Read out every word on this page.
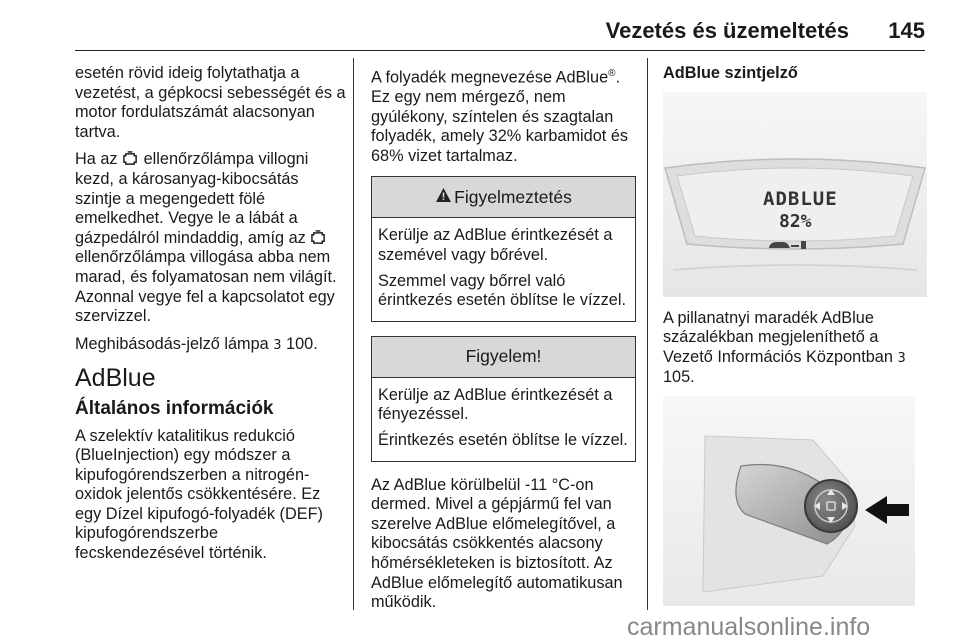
Vezetés és üzemeltetés 145

esetén rövid ideig folytathatja a vezetést, a gépkocsi sebességét és a motor fordulatszámát alacsonyan tartva.

Ha az ellenőrzőlámpa villogni kezd, a károsanyag-kibocsátás szintje a megengedett fölé emelkedhet. Vegye le a lábát a gázpedálról mindaddig, amíg az  ellenőrzőlámpa villogása abba nem marad, és folyamatosan nem világít. Azonnal vegye fel a kapcsolatot egy szervizzel.

Meghibásodás-jelző lámpa 3 100.

AdBlue
Általános információk

A szelektív katalitikus redukció (BlueInjection) egy módszer a kipufogórendszerben a nitrogén-oxidok jelentős csökkentésére. Ez egy Dízel kipufogó-folyadék (DEF) kipufogórendszerbe fecskendezésével történik.

A folyadék megnevezése AdBlue®. Ez egy nem mérgező, nem gyúlékony, színtelen és szagtalan folyadék, amely 32% karbamidot és 68% vizet tartalmaz.

Figyelmeztetés

Kerülje az AdBlue érintkezését a szemével vagy bőrével.

Szemmel vagy bőrrel való érintkezés esetén öblítse le vízzel.

Figyelem!

Kerülje az AdBlue érintkezését a fényezéssel.

Érintkezés esetén öblítse le vízzel.

Az AdBlue körülbelül -11 °C-on dermed. Mivel a gépjármű fel van szerelve AdBlue előmelegítővel, a kibocsátás csökkentés alacsony hőmérsékleteken is biztosított. Az AdBlue előmelegítő automatikusan működik.

AdBlue szintjelző
ADBLUE
82%

A pillanatnyi maradék AdBlue százalékban megjeleníthető a Vezető Információs Központban 3 105.

carmanualsonline.info
